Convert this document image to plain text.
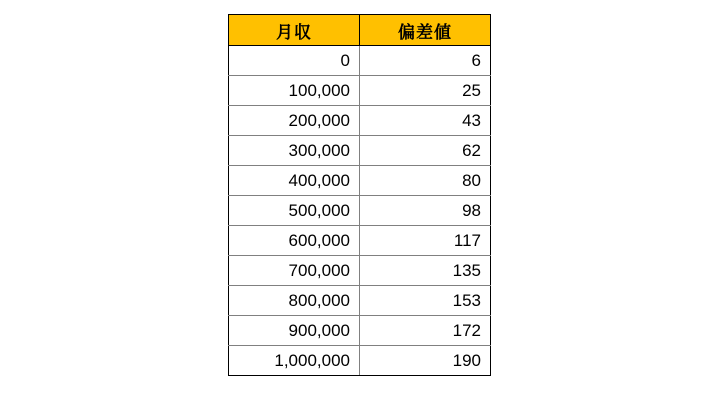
月収	偏差値
0	6
100,000	25
200,000	43
300,000	62
400,000	80
500,000	98
600,000	117
700,000	135
800,000	153
900,000	172
1,000,000	190
